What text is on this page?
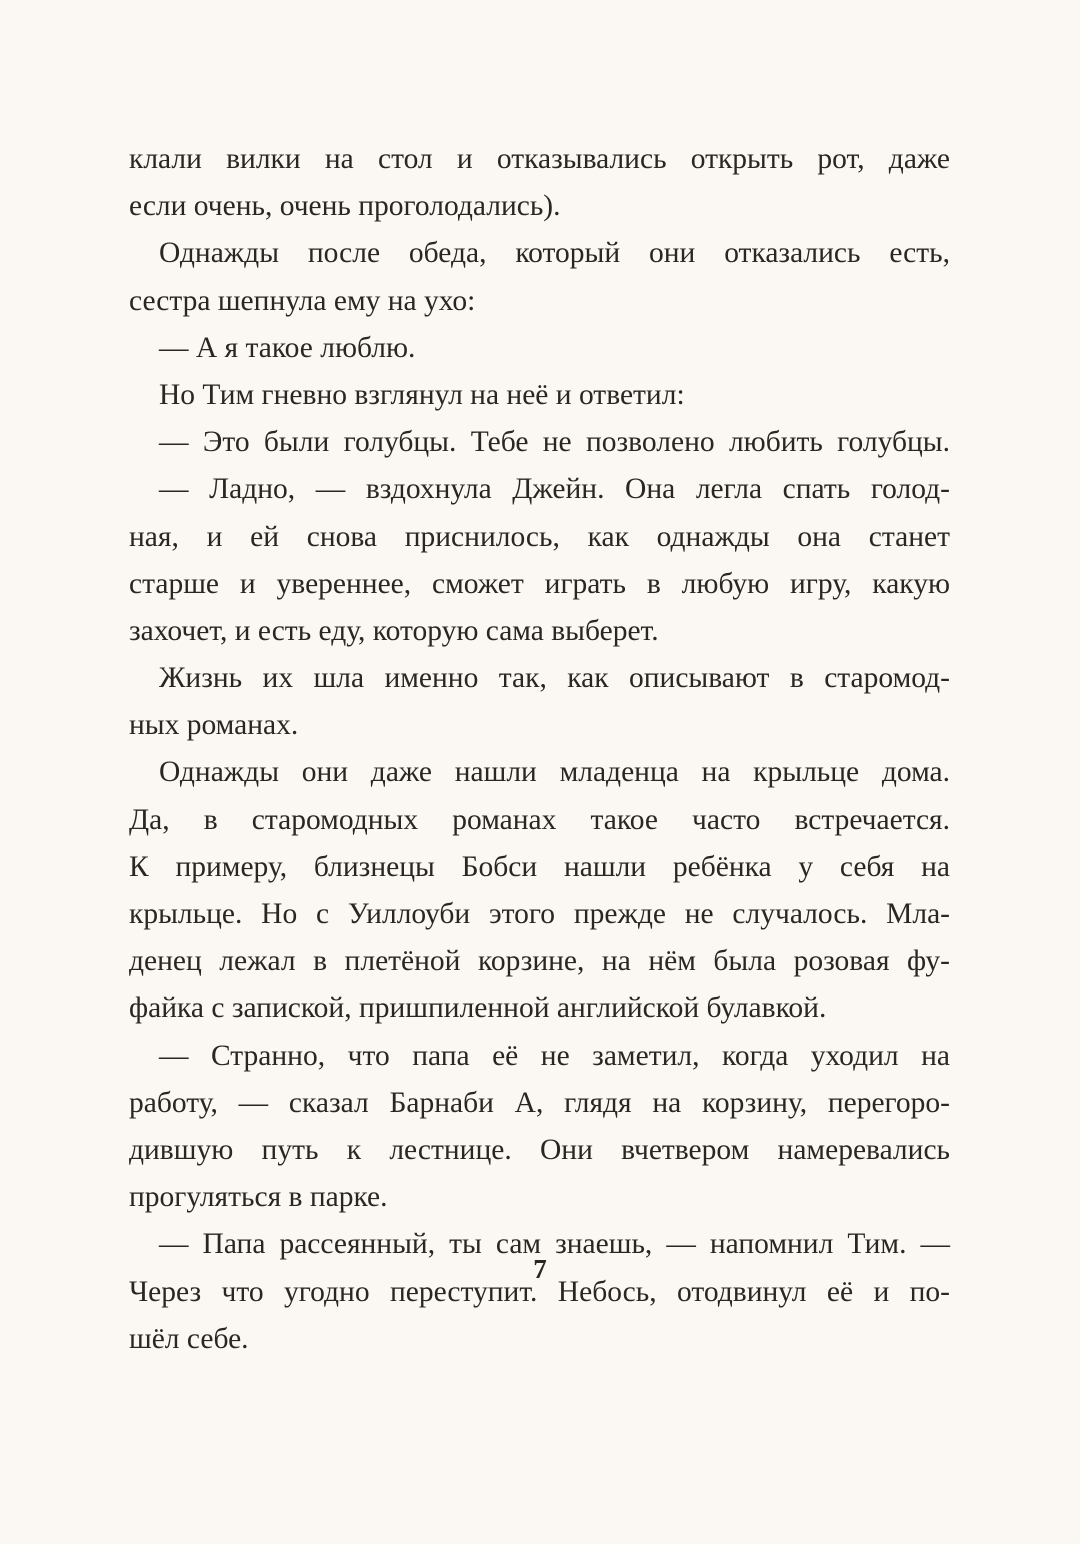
клали вилки на стол и отказывались открыть рот, даже
если очень, очень проголодались).
Однажды после обеда, который они отказались есть,
сестра шепнула ему на ухо:
— А я такое люблю.
Но Тим гневно взглянул на неё и ответил:
— Это были голубцы. Тебе не позволено любить голубцы.
— Ладно, — вздохнула Джейн. Она легла спать голод-
ная, и ей снова приснилось, как однажды она станет
старше и увереннее, сможет играть в любую игру, какую
захочет, и есть еду, которую сама выберет.
Жизнь их шла именно так, как описывают в старомод-
ных романах.
Однажды они даже нашли младенца на крыльце дома.
Да, в старомодных романах такое часто встречается.
К примеру, близнецы Бобси нашли ребёнка у себя на
крыльце. Но с Уиллоуби этого прежде не случалось. Мла-
денец лежал в плетёной корзине, на нём была розовая фу-
файка с запиской, пришпиленной английской булавкой.
— Странно, что папа её не заметил, когда уходил на
работу, — сказал Барнаби А, глядя на корзину, перегоро-
дившую путь к лестнице. Они вчетвером намеревались
прогуляться в парке.
— Папа рассеянный, ты сам знаешь, — напомнил Тим. —
Через что угодно переступит. Небось, отодвинул её и по-
шёл себе.
7
